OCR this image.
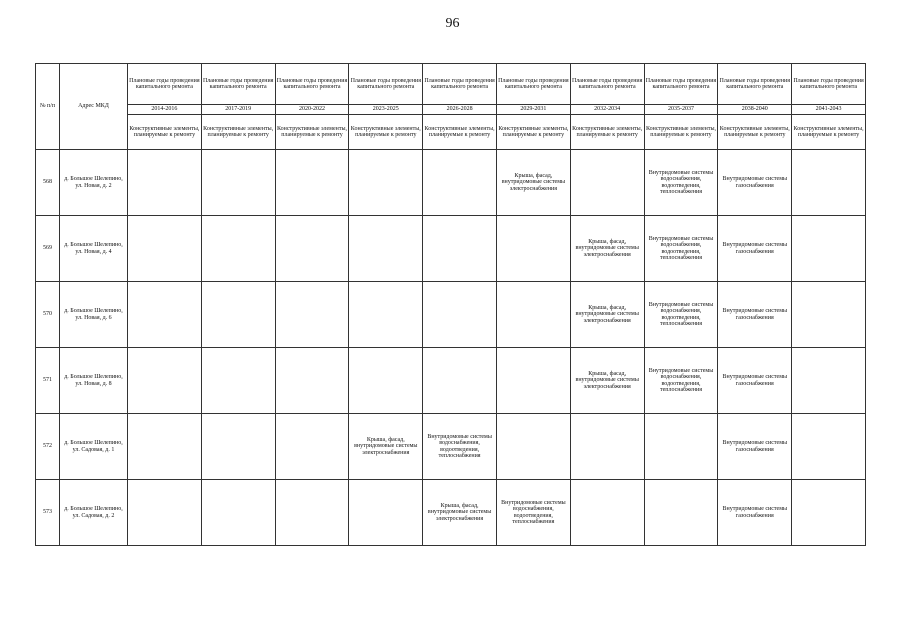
96
№ п/п	Адрес МКД	Плановые годы проведения капитального ремонта	Плановые годы проведения капитального ремонта	Плановые годы проведения капитального ремонта	Плановые годы проведения капитального ремонта	Плановые годы проведения капитального ремонта	Плановые годы проведения капитального ремонта	Плановые годы проведения капитального ремонта	Плановые годы проведения капитального ремонта	Плановые годы проведения капитального ремонта	Плановые годы проведения капитального ремонта
		2014-2016	2017-2019	2020-2022	2023-2025	2026-2028	2029-2031	2032-2034	2035-2037	2038-2040	2041-2043
		Конструктивные элементы, планируемые к ремонту	Конструктивные элементы, планируемые к ремонту	Конструктивные элементы, планируемые к ремонту	Конструктивные элементы, планируемые к ремонту	Конструктивные элементы, планируемые к ремонту	Конструктивные элементы, планируемые к ремонту	Конструктивные элементы, планируемые к ремонту	Конструктивные элементы, планируемые к ремонту	Конструктивные элементы, планируемые к ремонту	Конструктивные элементы, планируемые к ремонту
568	д. Большое Шелепино, ул. Новая, д. 2						Крыша, фасад, внутридомовые системы электроснабжения		Внутридомовые системы водоснабжения, водоотведения, теплоснабжения	Внутридомовые системы газоснабжения	
569	д. Большое Шелепино, ул. Новая, д. 4							Крыша, фасад, внутридомовые системы электроснабжения	Внутридомовые системы водоснабжения, водоотведения, теплоснабжения	Внутридомовые системы газоснабжения	
570	д. Большое Шелепино, ул. Новая, д. 6							Крыша, фасад, внутридомовые системы электроснабжения	Внутридомовые системы водоснабжения, водоотведения, теплоснабжения	Внутридомовые системы газоснабжения	
571	д. Большое Шелепино, ул. Новая, д. 8							Крыша, фасад, внутридомовые системы электроснабжения	Внутридомовые системы водоснабжения, водоотведения, теплоснабжения	Внутридомовые системы газоснабжения	
572	д. Большое Шелепино, ул. Садовая, д. 1				Крыша, фасад, внутридомовые системы электроснабжения	Внутридомовые системы водоснабжения, водоотведения, теплоснабжения				Внутридомовые системы газоснабжения	
573	д. Большое Шелепино, ул. Садовая, д. 2					Крыша, фасад, внутридомовые системы электроснабжения	Внутридомовые системы водоснабжения, водоотведения, теплоснабжения			Внутридомовые системы газоснабжения	
